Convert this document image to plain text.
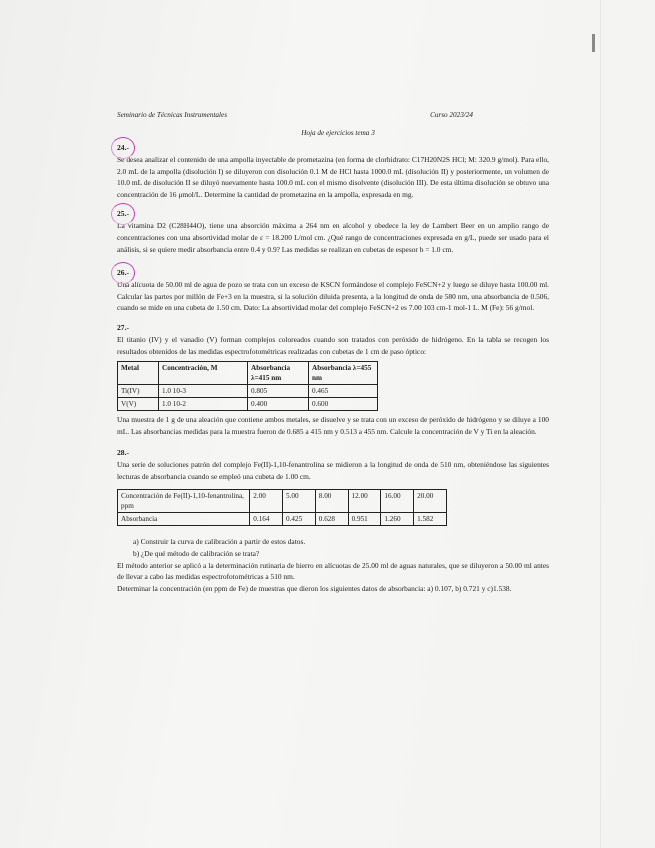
Seminario de Técnicas Instrumentales	Curso 2023/24
Hoja de ejercicios tema 3
24.-

Se desea analizar el contenido de una ampolla inyectable de prometazina (en forma de clorhidrato: C17H20N2S HCl; M: 320.9 g/mol). Para ello, 2.0 mL de la ampolla (disolución I) se diluyeron con disolución 0.1 M de HCl hasta 1000.0 mL (disolución II) y posteriormente, un volumen de 10.0 mL de disolución II se diluyó nuevamente hasta 100.0 mL con el mismo disolvente (disolución III). De esta última disolución se obtuvo una concentración de 16 μmol/L. Determine la cantidad de prometazina en la ampolla, expresada en mg.

25.-

La vitamina D2 (C28H44O), tiene una absorción máxima a 264 nm en alcohol y obedece la ley de Lambert Beer en un amplio rango de concentraciones con una absortividad molar de ε = 18.200 L/mol cm. ¿Qué rango de concentraciones expresada en g/L, puede ser usado para el análisis, si se quiere medir absorbancia entre 0.4 y 0.9? Las medidas se realizan en cubetas de espesor b = 1.0 cm.

26.-

Una alícuota de 50.00 ml de agua de pozo se trata con un exceso de KSCN formándose el complejo FeSCN+2 y luego se diluye hasta 100.00 ml. Calcular las partes por millón de Fe+3 en la muestra, si la solución diluida presenta, a la longitud de onda de 580 nm, una absorbancia de 0.506, cuando se mide en una cubeta de 1.50 cm. Dato: La absortividad molar del complejo FeSCN+2 es 7.00 103 cm-1 mol-1 L. M (Fe): 56 g/mol.

27.-

El titanio (IV) y el vanadio (V) forman complejos coloreados cuando son tratados con peróxido de hidrógeno. En la tabla se recogen los resultados obtenidos de las medidas espectrofotométricas realizadas con cubetas de 1 cm de paso óptico:

Metal	Concentración, M	Absorbancia λ=415 nm	Absorbancia λ=455 nm
Ti(IV)	1.0 10-3	0.805	0.465
V(V)	1.0 10-2	0.400	0.600

Una muestra de 1 g de una aleación que contiene ambos metales, se disuelve y se trata con un exceso de peróxido de hidrógeno y se diluye a 100 mL. Las absorbancias medidas para la muestra fueron de 0.685 a 415 nm y 0.513 a 455 nm. Calcule la concentración de V y Ti en la aleación.

28.-

Una serie de soluciones patrón del complejo Fe(II)-1,10-fenantrolina se midieron a la longitud de onda de 510 nm, obteniéndose las siguientes lecturas de absorbancia cuando se empleó una cubeta de 1.00 cm.

Concentración de Fe(II)-1,10-fenantrolina, ppm	2.00	5.00	8.00	12.00	16.00	20.00
Absorbancia	0.164	0.425	0.628	0.951	1.260	1.582
a) Construir la curva de calibración a partir de estos datos.
b) ¿De qué método de calibración se trata?

El método anterior se aplicó a la determinación rutinaria de hierro en alícuotas de 25.00 ml de aguas naturales, que se diluyeron a 50.00 ml antes de llevar a cabo las medidas espectrofotométricas a 510 nm.

Determinar la concentración (en ppm de Fe) de muestras que dieron los siguientes datos de absorbancia: a) 0.107, b) 0.721 y c)1.538.
